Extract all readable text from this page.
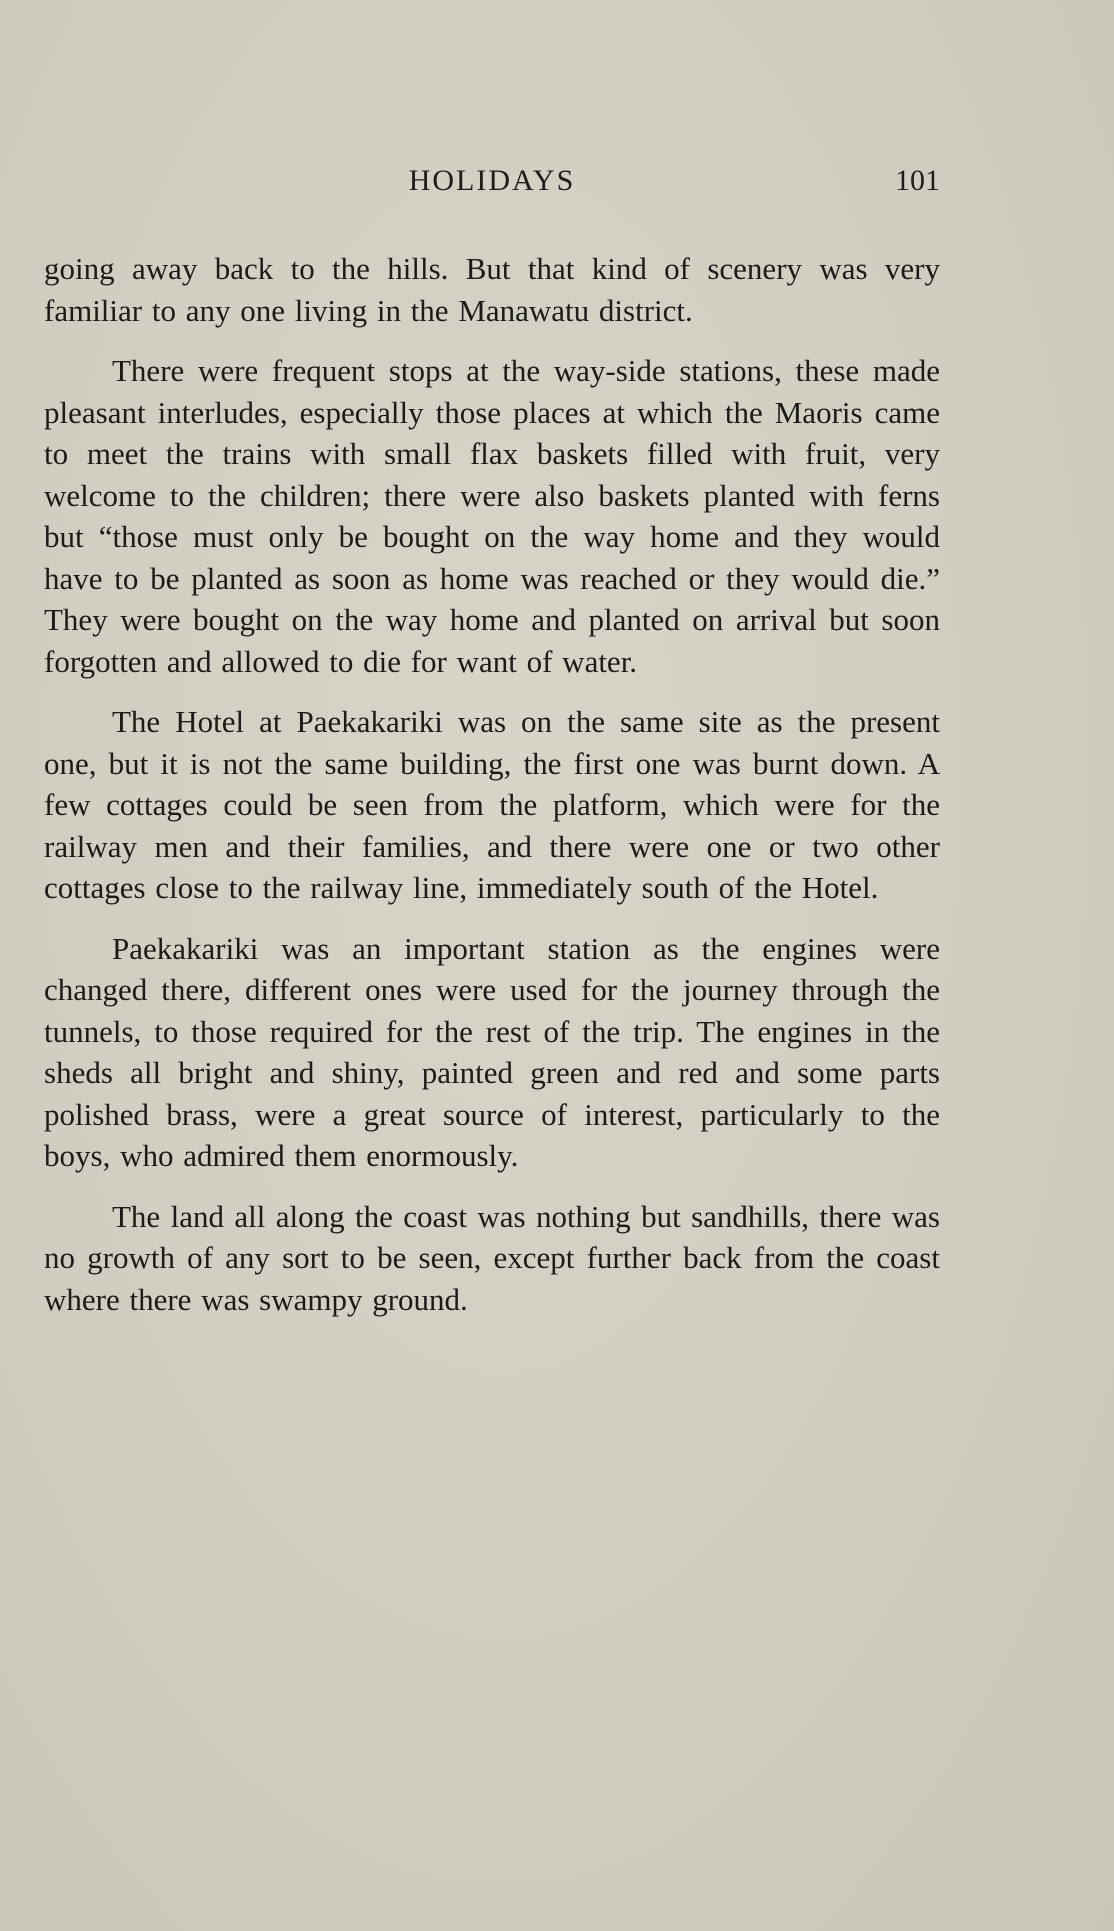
HOLIDAYS	101

going away back to the hills. But that kind of scenery was very familiar to any one living in the Manawatu district.

There were frequent stops at the way-side stations, these made pleasant interludes, especially those places at which the Maoris came to meet the trains with small flax baskets filled with fruit, very welcome to the children; there were also baskets planted with ferns but “those must only be bought on the way home and they would have to be planted as soon as home was reached or they would die.” They were bought on the way home and planted on arrival but soon forgotten and allowed to die for want of water.

The Hotel at Paekakariki was on the same site as the present one, but it is not the same building, the first one was burnt down. A few cottages could be seen from the platform, which were for the railway men and their families, and there were one or two other cottages close to the railway line, immediately south of the Hotel.

Paekakariki was an important station as the engines were changed there, different ones were used for the journey through the tunnels, to those required for the rest of the trip. The engines in the sheds all bright and shiny, painted green and red and some parts polished brass, were a great source of interest, particularly to the boys, who admired them enormously.

The land all along the coast was nothing but sandhills, there was no growth of any sort to be seen, except further back from the coast where there was swampy ground.
